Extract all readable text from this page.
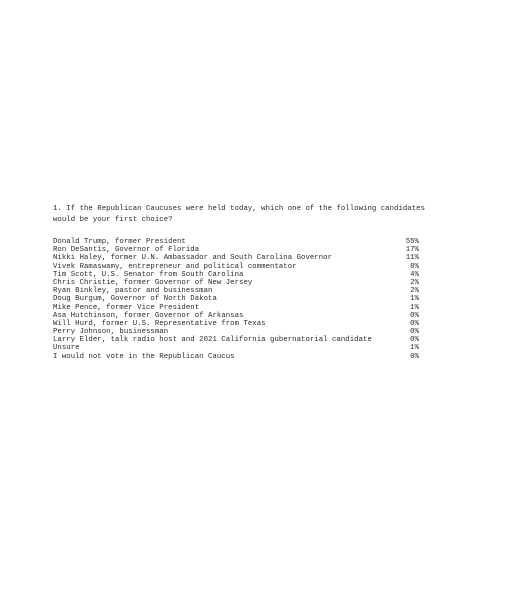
1. If the Republican Caucuses were held today, which one of the following candidates
would be your first choice?
Donald Trump, former President	55%
Ron DeSantis, Governor of Florida	17%
Nikki Haley, former U.N. Ambassador and South Carolina Governor	11%
Vivek Ramaswamy, entrepreneur and political commentator	8%
Tim Scott, U.S. Senator from South Carolina	4%
Chris Christie, former Governor of New Jersey	2%
Ryan Binkley, pastor and businessman	2%
Doug Burgum, Governor of North Dakota	1%
Mike Pence, former Vice President	1%
Asa Hutchinson, former Governor of Arkansas	0%
Will Hurd, former U.S. Representative from Texas	0%
Perry Johnson, businessman	0%
Larry Elder, talk radio host and 2021 California gubernatorial candidate	0%
Unsure	1%
I would not vote in the Republican Caucus	0%
